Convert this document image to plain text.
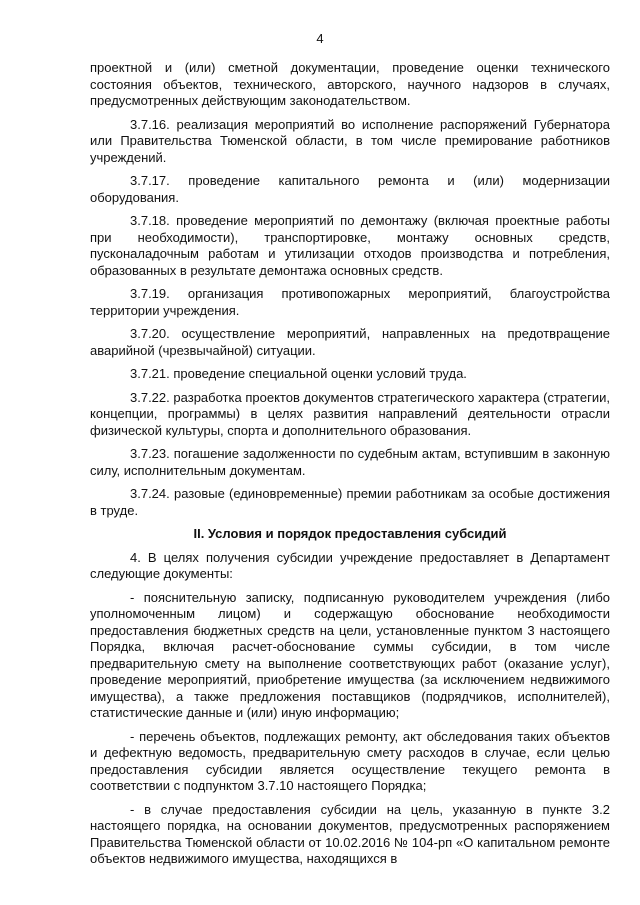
4

проектной и (или) сметной документации, проведение оценки технического состояния объектов, технического, авторского, научного надзоров в случаях, предусмотренных действующим законодательством.

3.7.16. реализация мероприятий во исполнение распоряжений Губернатора или Правительства Тюменской области, в том числе премирование работников учреждений.

3.7.17. проведение капитального ремонта и (или) модернизации оборудования.

3.7.18. проведение мероприятий по демонтажу (включая проектные работы при необходимости), транспортировке, монтажу основных средств, пусконаладочным работам и утилизации отходов производства и потребления, образованных в результате демонтажа основных средств.

3.7.19. организация противопожарных мероприятий, благоустройства территории учреждения.

3.7.20. осуществление мероприятий, направленных на предотвращение аварийной (чрезвычайной) ситуации.

3.7.21. проведение специальной оценки условий труда.

3.7.22. разработка проектов документов стратегического характера (стратегии, концепции, программы) в целях развития направлений деятельности отрасли физической культуры, спорта и дополнительного образования.

3.7.23. погашение задолженности по судебным актам, вступившим в законную силу, исполнительным документам.

3.7.24. разовые (единовременные) премии работникам за особые достижения в труде.

II. Условия и порядок предоставления субсидий

4. В целях получения субсидии учреждение предоставляет в Департамент следующие документы:

- пояснительную записку, подписанную руководителем учреждения (либо уполномоченным лицом) и содержащую обоснование необходимости предоставления бюджетных средств на цели, установленные пунктом 3 настоящего Порядка, включая расчет-обоснование суммы субсидии, в том числе предварительную смету на выполнение соответствующих работ (оказание услуг), проведение мероприятий, приобретение имущества (за исключением недвижимого имущества), а также предложения поставщиков (подрядчиков, исполнителей), статистические данные и (или) иную информацию;

- перечень объектов, подлежащих ремонту, акт обследования таких объектов и дефектную ведомость, предварительную смету расходов в случае, если целью предоставления субсидии является осуществление текущего ремонта в соответствии с подпунктом 3.7.10 настоящего Порядка;

- в случае предоставления субсидии на цель, указанную в пункте 3.2 настоящего порядка, на основании документов, предусмотренных распоряжением Правительства Тюменской области от 10.02.2016 № 104-рп «О капитальном ремонте объектов недвижимого имущества, находящихся в
